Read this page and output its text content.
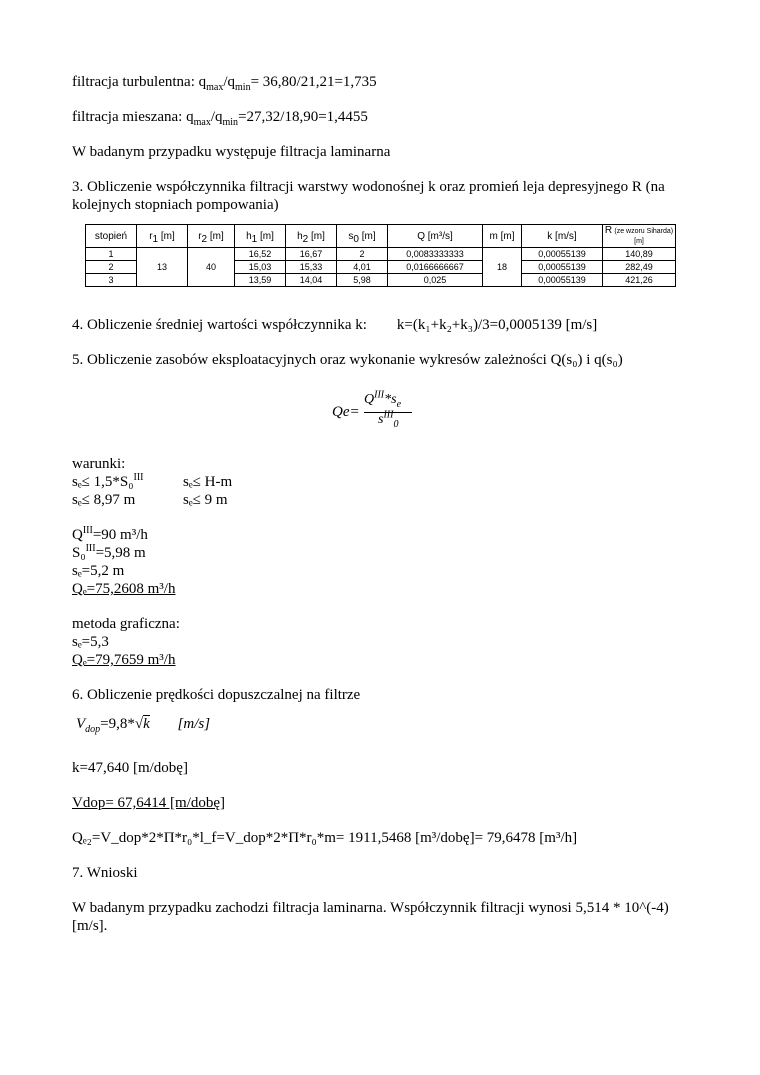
filtracja turbulentna: $q_{max}/q_{min}= 36,80/21,21=1,735$
filtracja mieszana: $q_{max}/q_{min}=27,32/18,90=1,4455$
W badanym przypadku występuje filtracja laminarna
3. Obliczenie współczynnika filtracji warstwy wodonośnej k oraz promień leja depresyjnego R (na kolejnych stopniach pompowania)
stopień	$r_1$ [m]	$r_2$ [m]	$h_1$ [m]	$h_2$ [m]	$s_0$ [m]	Q [m³/s]	m [m]	k [m/s]	R (ze wzoru Siharda)
[m]
1	13	40	16,52	16,67	2	0,0083333333	18	0,00055139	140,89
2			15,03	15,33	4,01	0,0166666667		0,00055139	282,49
3			13,59	14,04	5,98	0,025		0,00055139	421,26
4. Obliczenie średniej wartości współczynnika k: k=(k₁+k₂+k₃)/3=0,0005139 [m/s]
5. Obliczenie zasobów eksploatacyjnych oraz wykonanie wykresów zależności Q(s₀) i q(s₀)
Qe=
$Q^{III}*s_e$
$s^{III}_0$
warunki:
sₑ≤ 1,5*S₀$^{III}$	sₑ≤ H-m
sₑ≤ 8,97 m	sₑ≤ 9 m
$Q^{III}=90$ m³/h
S₀$^{III}$=5,98 m
sₑ=5,2 m
Qₑ=75,2608 m³/h
metoda graficzna:
sₑ=5,3
Qₑ=79,7659 m³/h
6. Obliczenie prędkości dopuszczalnej na filtrze
$V_{dop}=9,8*√k$ [m/s]
k=47,640 [m/dobę]
Vdop= 67,6414 [m/dobę]
Qₑ₂=V_dop*2*Π*r₀*l_f=V_dop*2*Π*r₀*m= 1911,5468 [m³/dobę]= 79,6478 [m³/h]
7. Wnioski
W badanym przypadku zachodzi filtracja laminarna. Współczynnik filtracji wynosi 5,514 * 10^(-4) [m/s].
